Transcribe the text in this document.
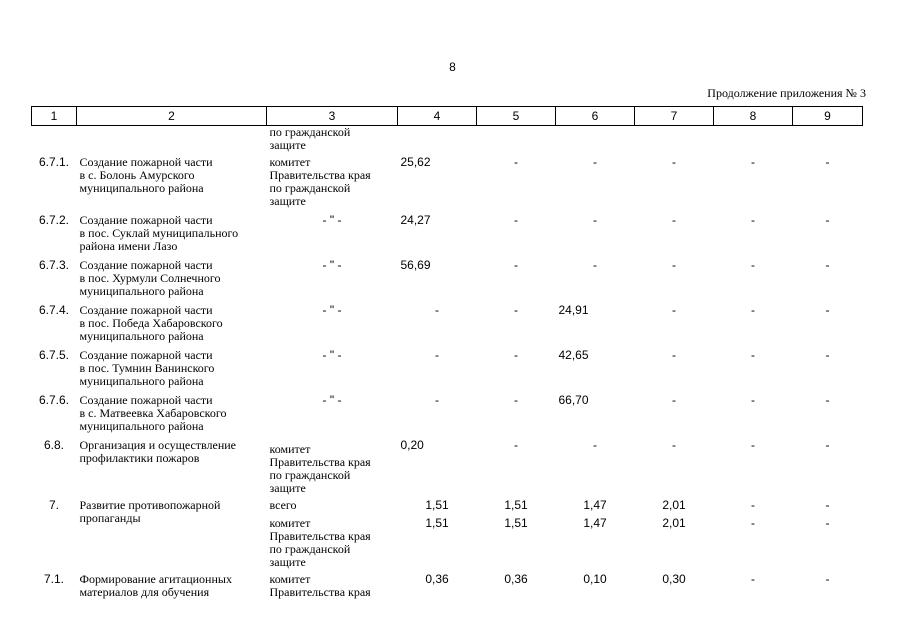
8
Продолжение приложения № 3
1	2	3	4	5	6	7	8	9
		по гражданской
защите						
6.7.1.	Создание пожарной части
в с. Болонь Амурского
муниципального района	комитет
Правительства края
по гражданской
защите	25,62	-	-	-	-	-
6.7.2.	Создание пожарной части
в пос. Суклай муниципального
района имени Лазо	- " -	24,27	-	-	-	-	-
6.7.3.	Создание пожарной части
в пос. Хурмули Солнечного
муниципального района	- " -	56,69	-	-	-	-	-
6.7.4.	Создание пожарной части
в пос. Победа Хабаровского
муниципального района	- " -	-	-	24,91	-	-	-
6.7.5.	Создание пожарной части
в пос. Тумнин Ванинского
муниципального района	- " -	-	-	42,65	-	-	-
6.7.6.	Создание пожарной части
в с. Матвеевка Хабаровского
муниципального района	- " -	-	-	66,70	-	-	-
6.8.	Организация и осуществление
профилактики пожаров	комитет
Правительства края
по гражданской
защите	0,20	-	-	-	-	-
7.	Развитие противопожарной
пропаганды	всего	1,51	1,51	1,47	2,01	-	-
		комитет
Правительства края
по гражданской
защите	1,51	1,51	1,47	2,01	-	-
7.1.	Формирование агитационных
материалов для обучения	комитет
Правительства края	0,36	0,36	0,10	0,30	-	-
